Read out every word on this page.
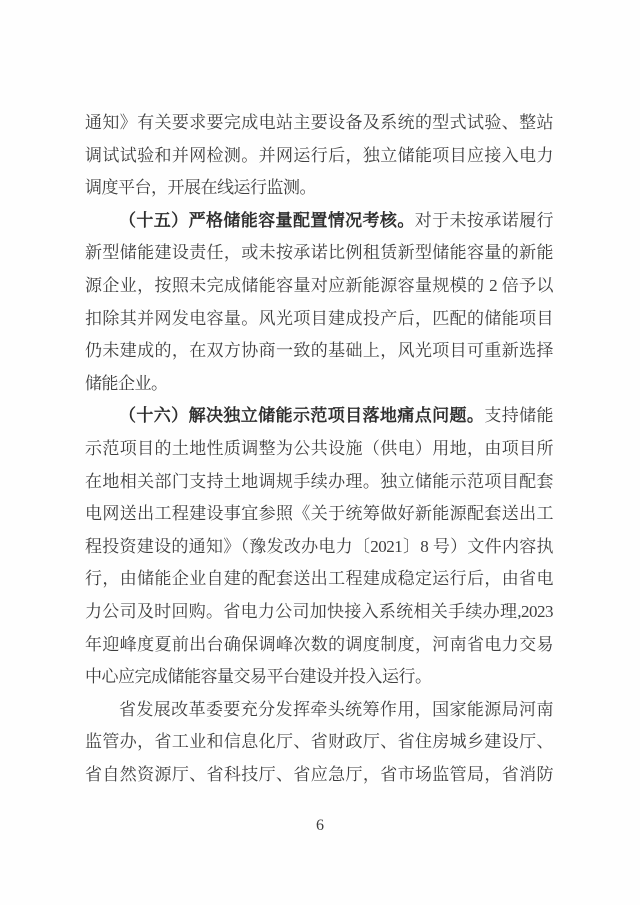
通知》有关要求要完成电站主要设备及系统的型式试验、整站
调试试验和并网检测。并网运行后，独立储能项目应接入电力
调度平台，开展在线运行监测。
（十五）严格储能容量配置情况考核。对于未按承诺履行
新型储能建设责任，或未按承诺比例租赁新型储能容量的新能
源企业，按照未完成储能容量对应新能源容量规模的 2 倍予以
扣除其并网发电容量。风光项目建成投产后，匹配的储能项目
仍未建成的，在双方协商一致的基础上，风光项目可重新选择
储能企业。
（十六）解决独立储能示范项目落地痛点问题。支持储能
示范项目的土地性质调整为公共设施（供电）用地，由项目所
在地相关部门支持土地调规手续办理。独立储能示范项目配套
电网送出工程建设事宜参照《关于统筹做好新能源配套送出工
程投资建设的通知》（豫发改办电力〔2021〕8 号）文件内容执
行，由储能企业自建的配套送出工程建成稳定运行后，由省电
力公司及时回购。省电力公司加快接入系统相关手续办理,2023
年迎峰度夏前出台确保调峰次数的调度制度，河南省电力交易
中心应完成储能容量交易平台建设并投入运行。
省发展改革委要充分发挥牵头统筹作用，国家能源局河南
监管办，省工业和信息化厅、省财政厅、省住房城乡建设厅、
省自然资源厅、省科技厅、省应急厅，省市场监管局，省消防
6
